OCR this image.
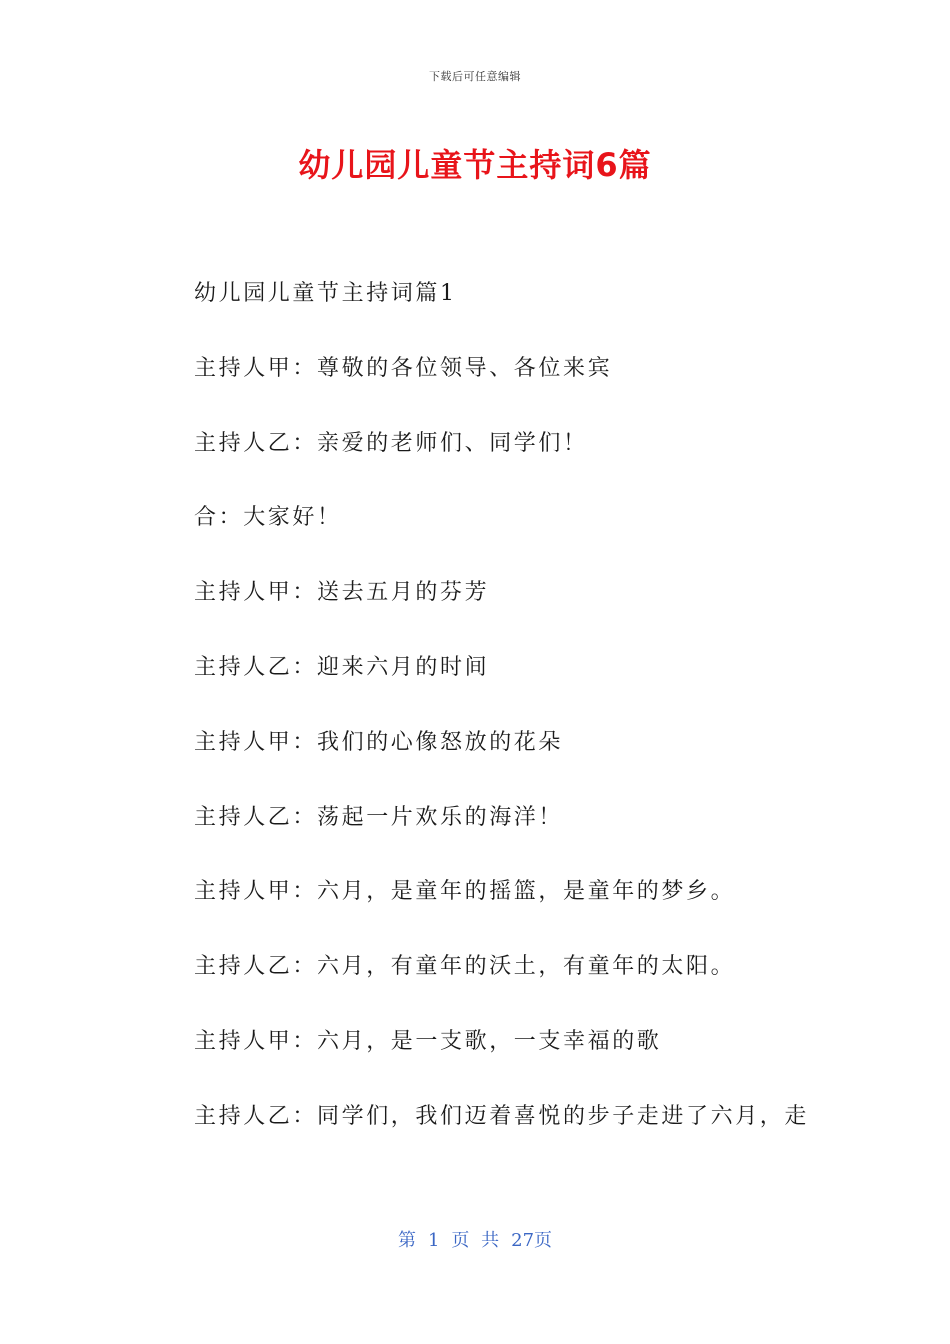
下载后可任意编辑
幼儿园儿童节主持词6篇
幼儿园儿童节主持词篇1
主持人甲：尊敬的各位领导、各位来宾
主持人乙：亲爱的老师们、同学们！
合：大家好！
主持人甲：送去五月的芬芳
主持人乙：迎来六月的时间
主持人甲：我们的心像怒放的花朵
主持人乙：荡起一片欢乐的海洋！
主持人甲：六月，是童年的摇篮，是童年的梦乡。
主持人乙：六月，有童年的沃土，有童年的太阳。
主持人甲：六月，是一支歌，一支幸福的歌
主持人乙：同学们，我们迈着喜悦的步子走进了六月，走
第 1 页 共 27页
